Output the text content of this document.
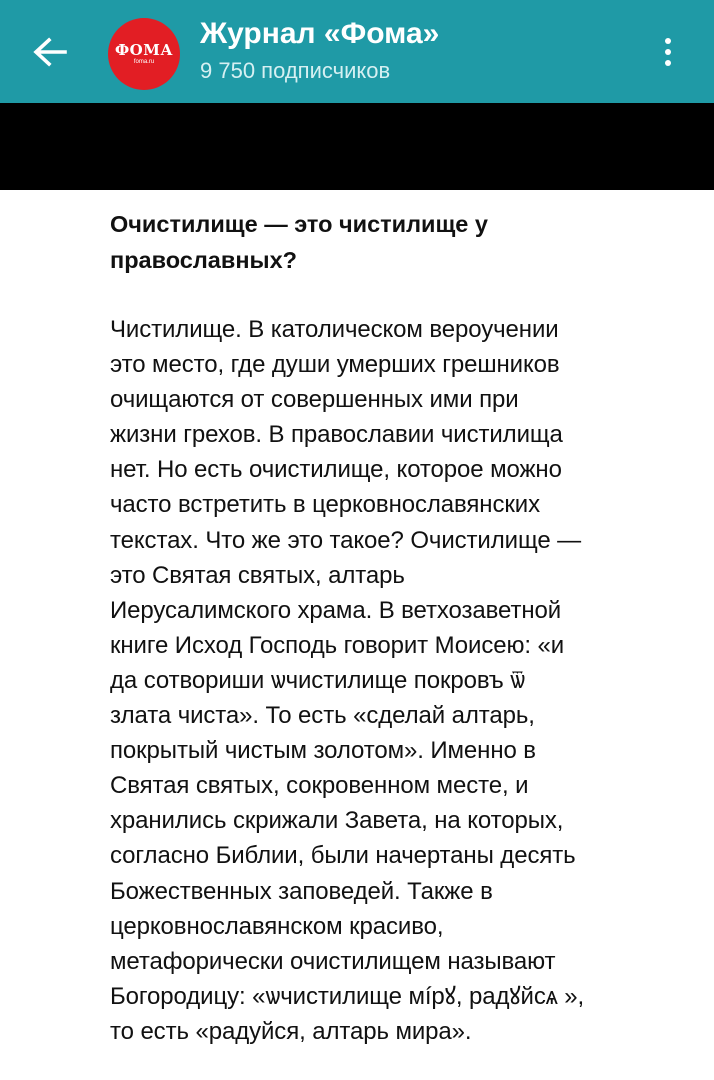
ФОМА
foma.ru
Журнал «Фома»
9 750 подписчиков
Очистилище — это чистилище у
православных?
Чистилище. В католическом вероучении
это место, где души умерших грешников
очищаются от совершенных ими при
жизни грехов. В православии чистилища
нет. Но есть очистилище, которое можно
часто встретить в церковнославянских
текстах. Что же это такое? Очистилище —
это Святая святых, алтарь
Иерусалимского храма. В ветхозаветной
книге Исход Господь говорит Моисею: «и
да сотвориши ѡчистилище покровъ ѿ
злата чиста». То есть «сделай алтарь,
покрытый чистым золотом». Именно в
Святая святых, сокровенном месте, и
хранились скрижали Завета, на которых,
согласно Библии, были начертаны десять
Божественных заповедей. Также в
церковнославянском красиво,
метафорически очистилищем называют
Богородицу: «ѡчистилище мíрꙋ, радꙋйсѧ »,
то есть «радуйся, алтарь мира».
